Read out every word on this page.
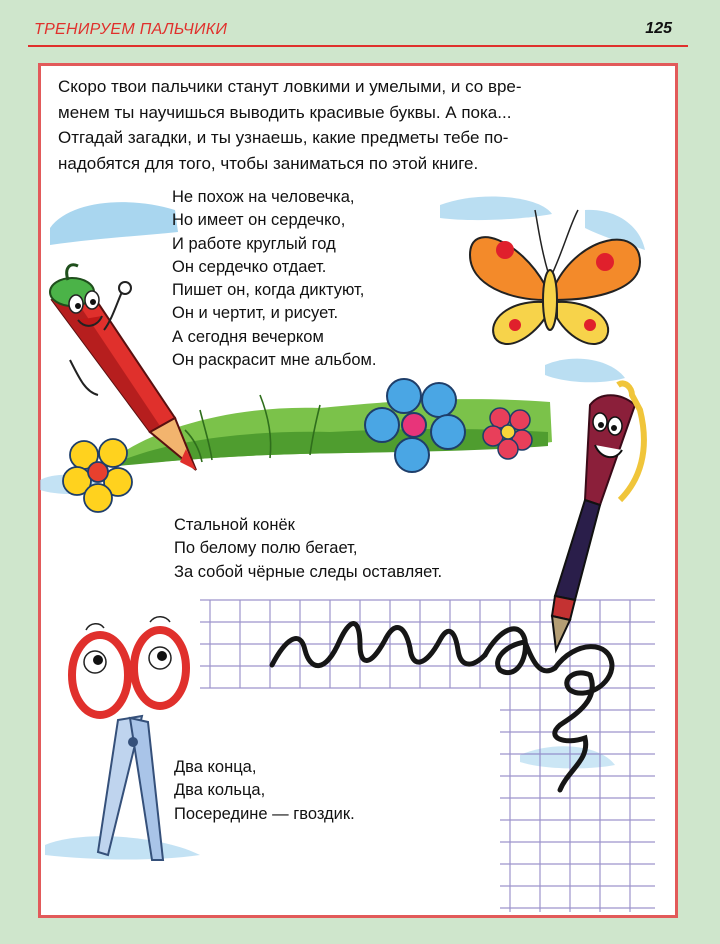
ТРЕНИРУЕМ ПАЛЬЧИКИ	125
Скоро твои пальчики станут ловкими и умелыми, и со вре-
менем ты научишься выводить красивые буквы. А пока...
Отгадай загадки, и ты узнаешь, какие предметы тебе по-
надобятся для того, чтобы заниматься по этой книге.
Не похож на человечка,
Но имеет он сердечко,
И работе круглый год
Он сердечко отдает.
Пишет он, когда диктуют,
Он и чертит, и рисует.
А сегодня вечерком
Он раскрасит мне альбом.
Стальной конёк
По белому полю бегает,
За собой чёрные следы оставляет.
Два конца,
Два кольца,
Посередине — гвоздик.
